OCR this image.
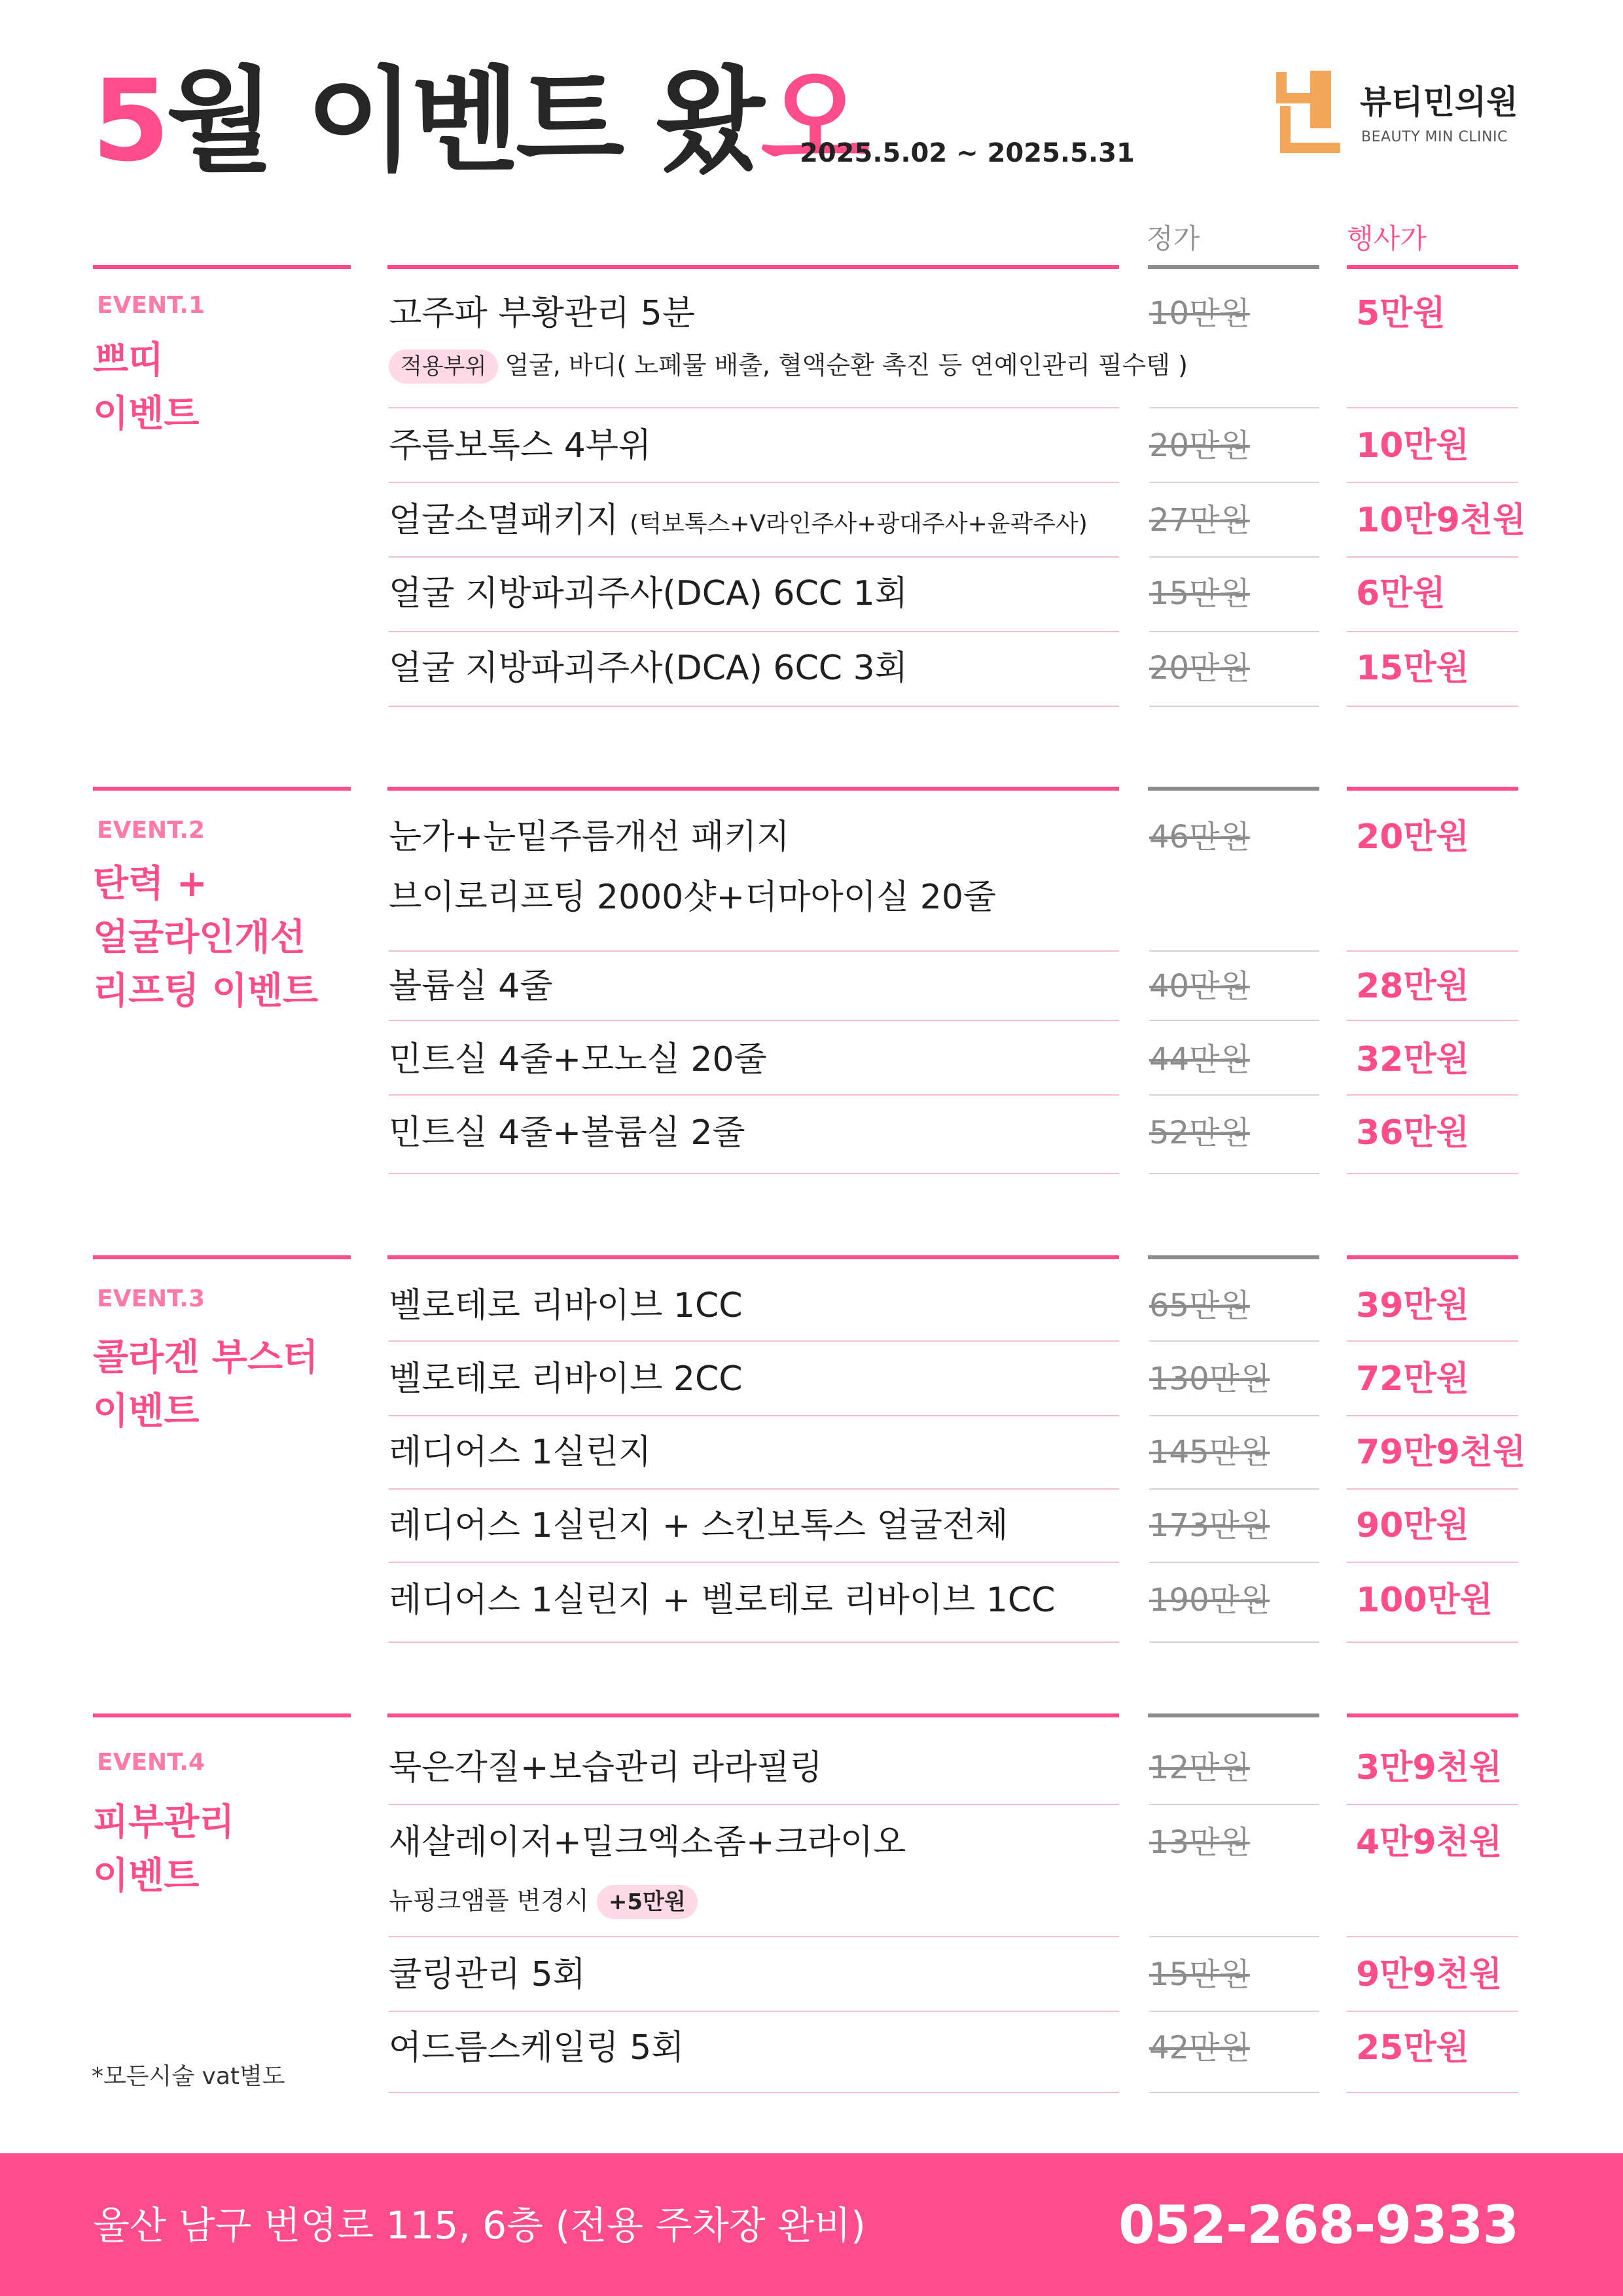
5월 이벤트 왔오
2025.5.02 ~ 2025.5.31
뷰티민의원
BEAUTY MIN CLINIC
정가	행사가
EVENT.1
쁘띠
이벤트
고주파 부황관리 5분
적용부위 얼굴, 바디( 노폐물 배출, 혈액순환 촉진 등 연예인관리 필수템 )
10만원	5만원
주름보톡스 4부위	20만원	10만원
얼굴소멸패키지 (턱보톡스+V라인주사+광대주사+윤곽주사) 27만원	10만9천원
얼굴 지방파괴주사(DCA) 6CC 1회	15만원	6만원
얼굴 지방파괴주사(DCA) 6CC 3회	20만원	15만원
EVENT.2
탄력 +
얼굴라인개선
리프팅 이벤트
눈가+눈밑주름개선 패키지
브이로리프팅 2000샷+더마아이실 20줄
46만원	20만원
볼륨실 4줄	40만원	28만원
민트실 4줄+모노실 20줄	44만원	32만원
민트실 4줄+볼륨실 2줄	52만원	36만원
EVENT.3
콜라겐 부스터
이벤트
벨로테로 리바이브 1CC	65만원	39만원
벨로테로 리바이브 2CC	130만원	72만원
레디어스 1실린지	145만원	79만9천원
레디어스 1실린지 + 스킨보톡스 얼굴전체	173만원	90만원
레디어스 1실린지 + 벨로테로 리바이브 1CC	190만원	100만원
EVENT.4
피부관리
이벤트
묵은각질+보습관리 라라필링	12만원	3만9천원
새살레이저+밀크엑소좀+크라이오
뉴핑크앰플 변경시 +5만원
13만원	4만9천원
쿨링관리 5회	15만원	9만9천원
여드름스케일링 5회	42만원	25만원
*모든시술 vat별도
울산 남구 번영로 115, 6층 (전용 주차장 완비)	052-268-9333
